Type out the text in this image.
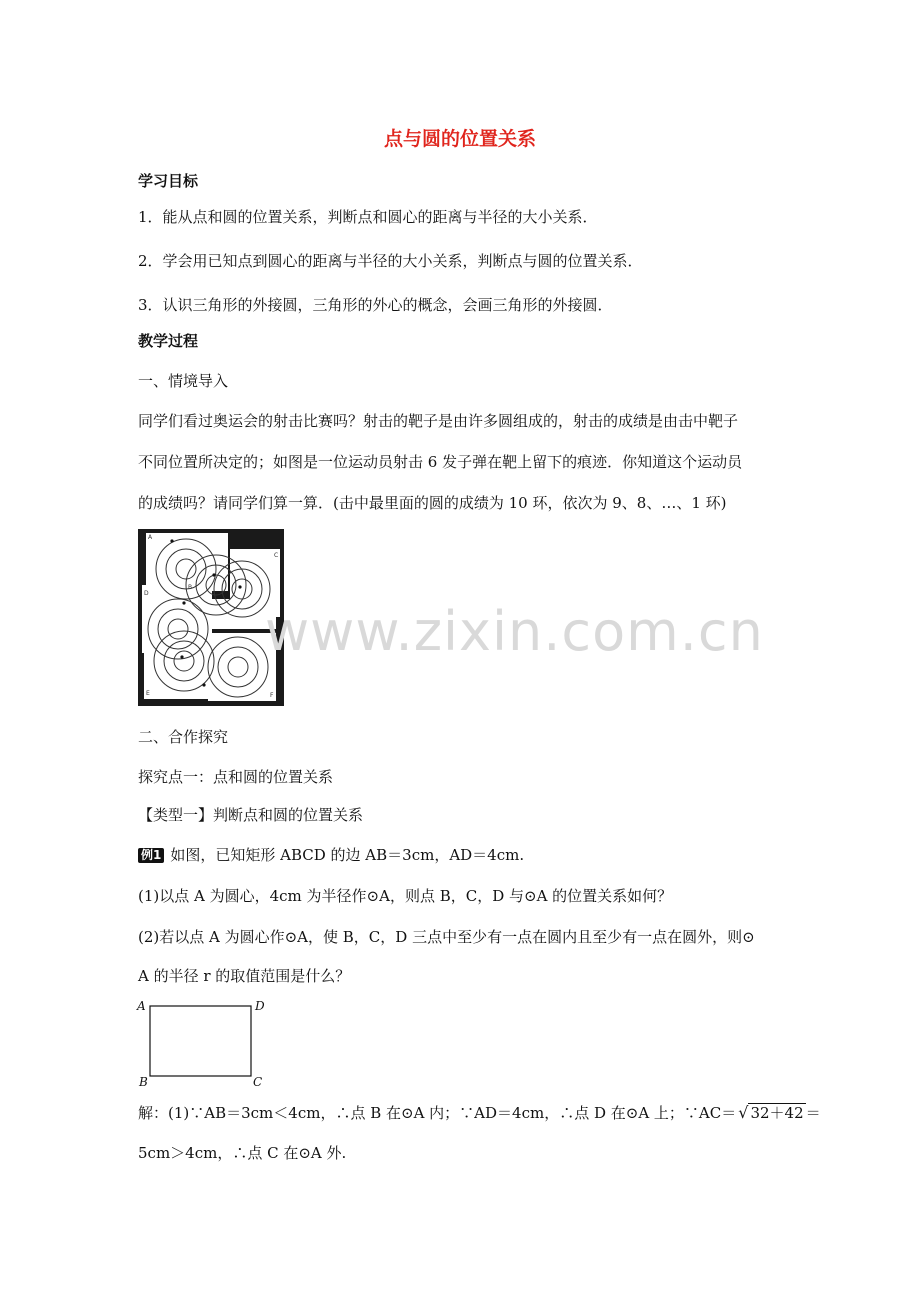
点与圆的位置关系
学习目标
1．能从点和圆的位置关系，判断点和圆心的距离与半径的大小关系．
2．学会用已知点到圆心的距离与半径的大小关系，判断点与圆的位置关系．
3．认识三角形的外接圆，三角形的外心的概念，会画三角形的外接圆．
教学过程
一、情境导入
同学们看过奥运会的射击比赛吗？射击的靶子是由许多圆组成的，射击的成绩是由击中靶子
不同位置所决定的；如图是一位运动员射击 6 发子弹在靶上留下的痕迹．你知道这个运动员
的成绩吗？请同学们算一算．(击中最里面的圆的成绩为 10 环，依次为 9、8、…、1 环)
A
B
C
D
E	F
www.zixin.com.cn
二、合作探究
探究点一：点和圆的位置关系
【类型一】判断点和圆的位置关系
例1 如图，已知矩形 ABCD 的边 AB＝3cm，AD＝4cm.
(1)以点 A 为圆心，4cm 为半径作⊙A，则点 B，C，D 与⊙A 的位置关系如何？
(2)若以点 A 为圆心作⊙A，使 B，C，D 三点中至少有一点在圆内且至少有一点在圆外，则⊙
A 的半径 r 的取值范围是什么？
A	D
B	C
解：(1)∵AB＝3cm＜4cm，∴点 B 在⊙A 内；∵AD＝4cm，∴点 D 在⊙A 上；∵AC＝ √ 32＋42 ＝
5cm＞4cm，∴点 C 在⊙A 外.
